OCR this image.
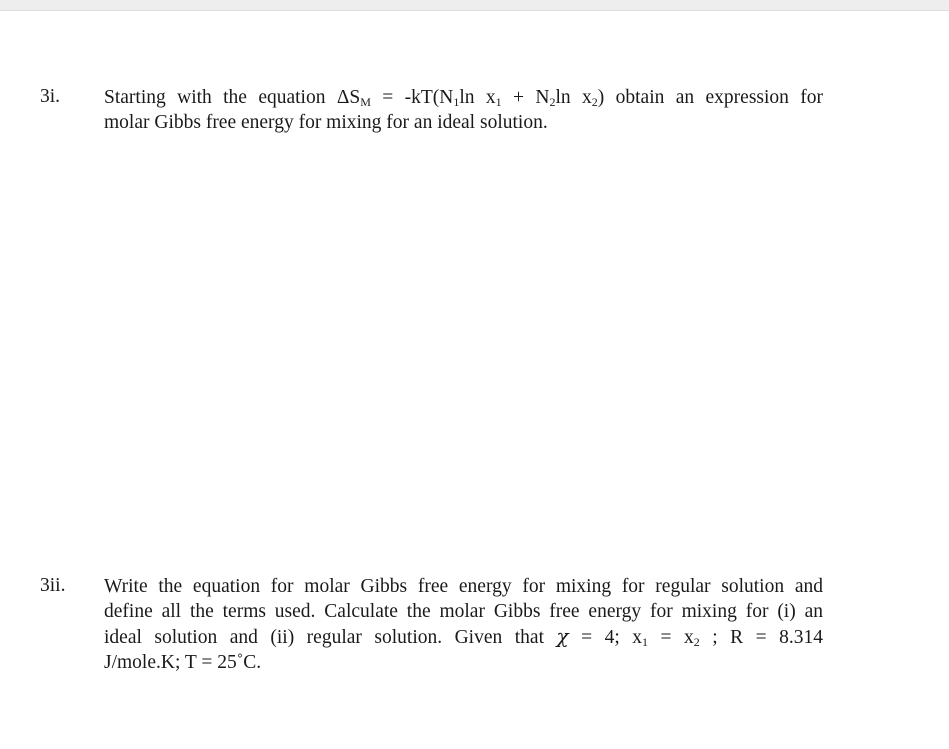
3i. Starting with the equation $\Delta S_M = -kT(N_1\ln$ $x_1 + N_2\ln$ $x_2$) obtain an expression for
molar Gibbs free energy for mixing for an ideal solution.
3ii. Write the equation for molar Gibbs free energy for mixing for regular solution and
define all the terms used. Calculate the molar Gibbs free energy for mixing for (i) an
ideal solution and (ii) regular solution. Given that χ = 4; $x_1 = x_2$ ; R = 8.314
J/mole.K; T = 25˚C.
